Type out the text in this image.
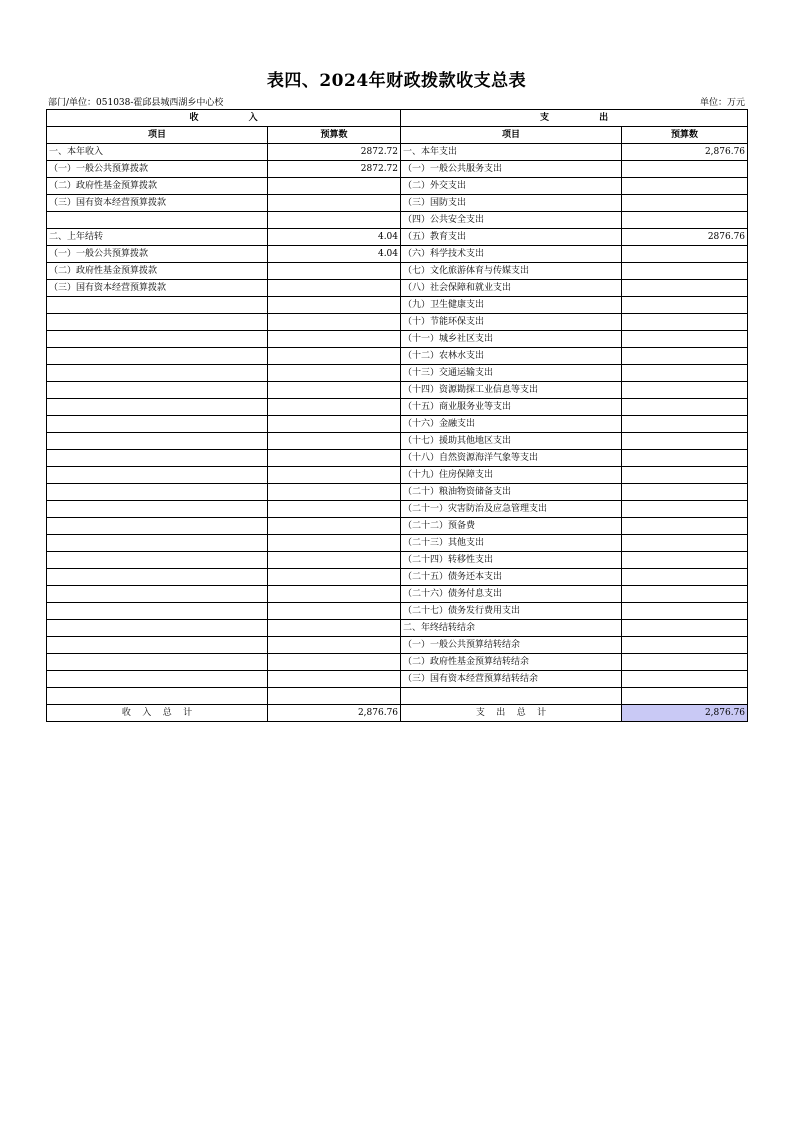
表四、2024年财政拨款收支总表
部门/单位：051038-霍邱县城西湖乡中心校	单位：万元
收                入		支                出	
项目	预算数	项目	预算数
一、本年收入	2872.72	一、本年支出	2,876.76
（一）一般公共预算拨款	2872.72	（一）一般公共服务支出	
（二）政府性基金预算拨款		（二）外交支出	
（三）国有资本经营预算拨款		（三）国防支出	
		（四）公共安全支出	
二、上年结转	4.04	（五）教育支出	2876.76
（一）一般公共预算拨款	4.04	（六）科学技术支出	
（二）政府性基金预算拨款		（七）文化旅游体育与传媒支出	
（三）国有资本经营预算拨款		（八）社会保障和就业支出	
		（九）卫生健康支出	
		（十）节能环保支出	
		（十一）城乡社区支出	
		（十二）农林水支出	
		（十三）交通运输支出	
		（十四）资源勘探工业信息等支出	
		（十五）商业服务业等支出	
		（十六）金融支出	
		（十七）援助其他地区支出	
		（十八）自然资源海洋气象等支出	
		（十九）住房保障支出	
		（二十）粮油物资储备支出	
		（二十一）灾害防治及应急管理支出	
		（二十二）预备费	
		（二十三）其他支出	
		（二十四）转移性支出	
		（二十五）债务还本支出	
		（二十六）债务付息支出	
		（二十七）债务发行费用支出	
		二、年终结转结余	
		（一）一般公共预算结转结余	
		（二）政府性基金预算结转结余	
		（三）国有资本经营预算结转结余	

收    入    总    计	2,876.76	支    出    总    计	2,876.76
